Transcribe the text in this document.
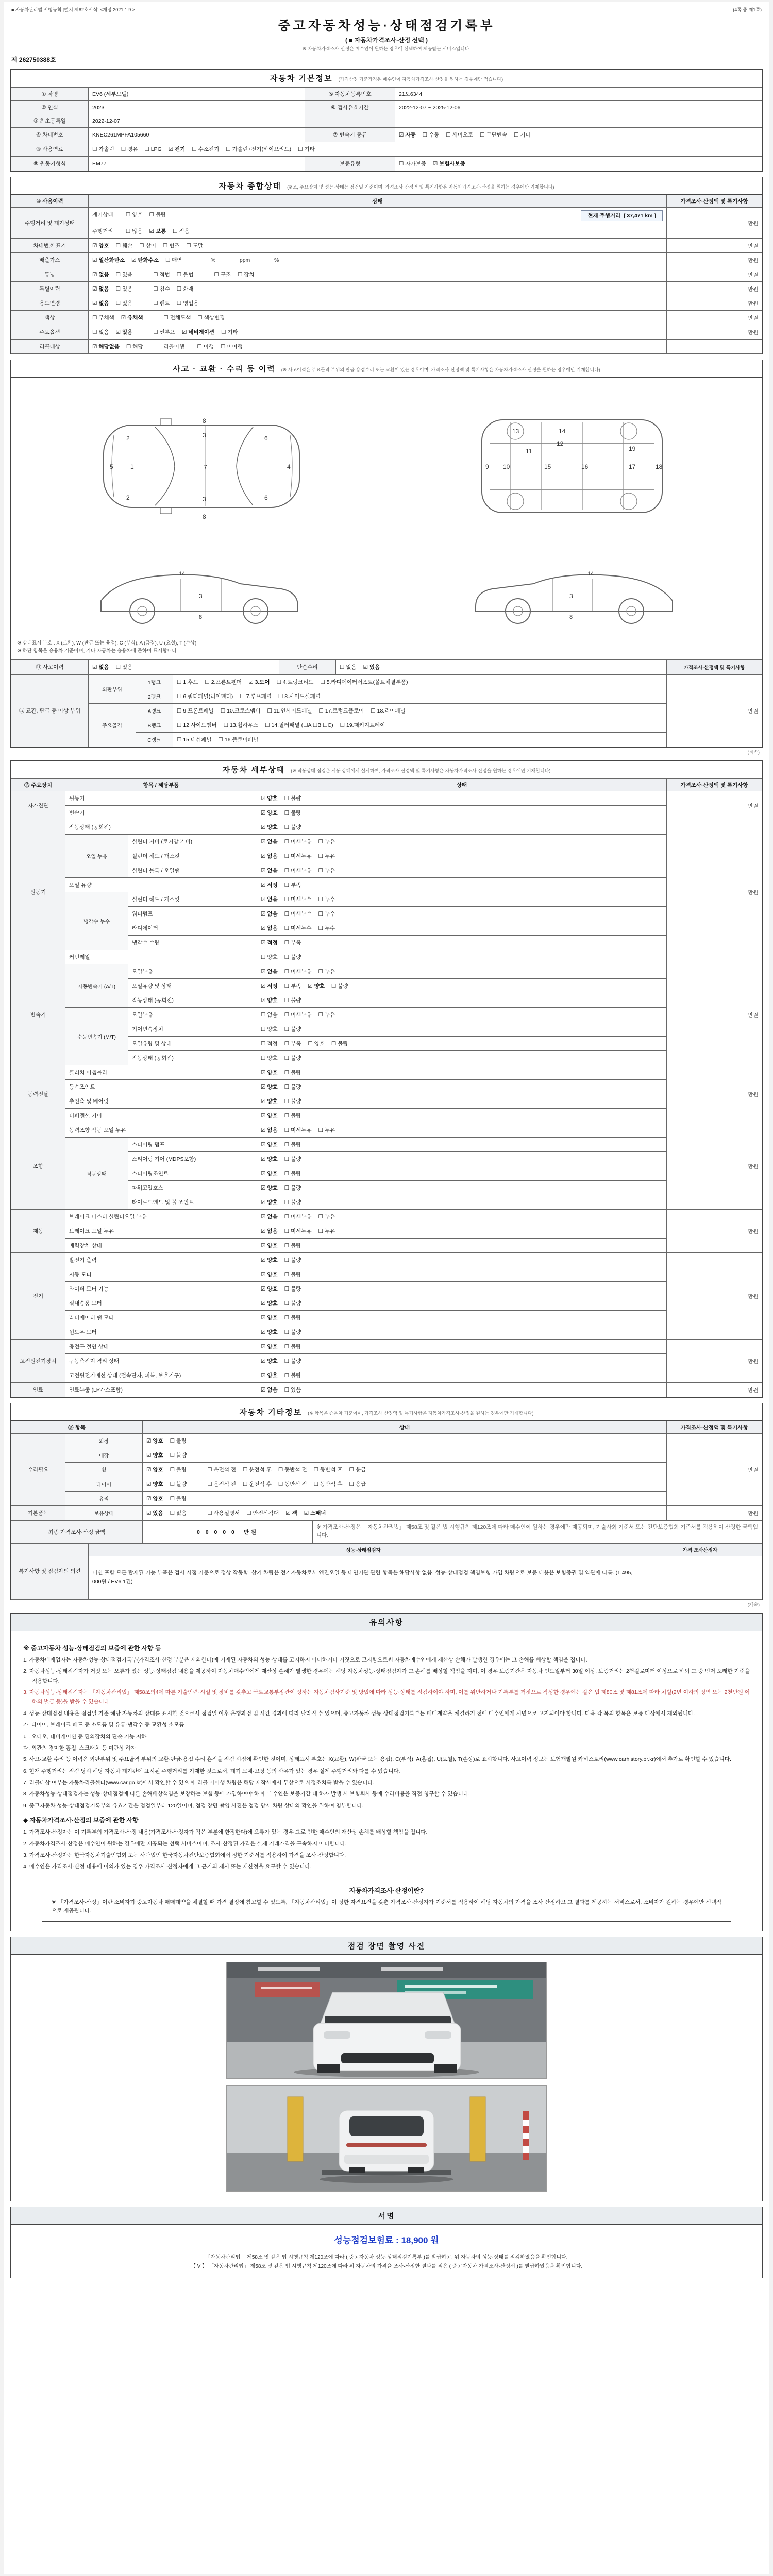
■ 자동차관리법 시행규칙 [별지 제82호서식] <개정 2021.1.9.>	(4쪽 중 제1쪽)
중고자동차성능·상태점검기록부
( ■ 자동차가격조사·산정 선택 )
※ 자동차가격조사·산정은 매수인이 원하는 경우에 선택하여 제공받는 서비스입니다.
제 262750388호
자동차 기본정보 (가격산정 기준가격은 매수인이 자동차가격조사·산정을 원하는 경우에만 적습니다)
① 차명	EV6 (세부모델)	⑤ 자동차등록번호	21도6344
② 연식	2023	⑥ 검사유효기간	2022-12-07 ~ 2025-12-06
③ 최초등록일	2022-12-07		
④ 차대번호	KNEC261MPFA105660	⑦ 변속기 종류	☑ 자동 ☐ 수동 ☐ 세미오토 ☐ 무단변속 ☐ 기타
⑧ 사용연료	☐ 가솔린 ☐ 경유 ☐ LPG ☑ 전기 ☐ 수소전기 ☐ 가솔린+전기(하이브리드) ☐ 기타		
⑨ 원동기형식	EM77	보증유형	☐ 자가보증 ☑ 보험사보증
자동차 종합상태 (※조, 주요장치 및 성능·상태는 점검일 기준이며, 가격조사·산정액 및 특기사항은 자동차가격조사·산정을 원하는 경우에만 기재합니다)
⑩ 사용이력	상태	가격조사·산정액 및 특기사항
주행거리 및 계기상태	계기상태 ☐ 양호 ☐ 불량 현재 주행거리  [ 37,471 km ]	만원
	주행거리 ☐ 많음 ☑ 보통 ☐ 적음	
차대번호 표기	☑ 양호 ☐ 훼손 ☐ 상이 ☐ 변조 ☐ 도말	만원
배출가스	☑ 일산화탄소 ☑ 탄화수소 ☐ 매연 %                ppm                %	만원
튜닝	☑ 없음 ☐ 있음 ☐ 적법 ☐ 불법 ☐ 구조 ☐ 장치	만원
특별이력	☑ 없음 ☐ 있음 ☐ 침수 ☐ 화재	만원
용도변경	☑ 없음 ☐ 있음 ☐ 렌트 ☐ 영업용	만원
색상	☐ 무채색 ☑ 유채색 ☐ 전체도색 ☐ 색상변경	만원
주요옵션	☐ 없음 ☑ 있음 ☐ 썬루프 ☑ 네비게이션 ☐ 기타	만원
리콜대상	☑ 해당없음 ☐ 해당 리콜이행 ☐ 이행 ☐ 미이행	
사고 · 교환 · 수리 등 이력 (※ 사고이력은 주요골격 부위의 판금·용접수리 또는 교환이 있는 경우이며, 가격조사·산정액 및 특기사항은 자동차가격조사·산정을 원하는 경우에만 기재합니다)
1
2
2
3
3
4
5
6
6
7
8
8
9 10
11
12
13	14
15	16	17	18
19
3
14
8
3
14
8
※ 상태표시 부호 : X (교환), W (판금 또는 용접), C (부식), A (흠집), U (요철), T (손상)
※ 하단 항목은 승용차 기준이며, 기타 자동차는 승용차에 준하여 표시합니다.
⑪ 사고이력	☑ 없음 ☐ 있음	단순수리	☐ 없음 ☑ 있음	가격조사·산정액 및 특기사항
⑫ 교환, 판금 등 이상 부위	외판부위	1랭크	☐ 1.후드 ☐ 2.프론트펜더 ☑ 3.도어 ☐ 4.트렁크리드 ☐ 5.라디에이터서포트(볼트체결부품)	만원
		2랭크	☐ 6.쿼터패널(리어펜더) ☐ 7.루프패널 ☐ 8.사이드실패널	
	주요골격	A랭크	☐ 9.프론트패널 ☐ 10.크로스멤버 ☐ 11.인사이드패널 ☐ 17.트렁크플로어 ☐ 18.리어패널	
		B랭크	☐ 12.사이드멤버 ☐ 13.휠하우스 ☐ 14.필러패널 (☐A ☐B ☐C) ☐ 19.패키지트레이	
		C랭크	☐ 15.대쉬패널 ☐ 16.플로어패널	
(계속)
자동차 세부상태 (※ 작동상태 점검은 시동 상태에서 실시하며, 가격조사·산정액 및 특기사항은 자동차가격조사·산정을 원하는 경우에만 기재합니다)
⑬ 주요장치	항목 / 해당부품		상태	가격조사·산정액 및 특기사항
자가진단	원동기		☑ 양호 ☐ 불량	만원
	변속기		☑ 양호 ☐ 불량	
원동기	작동상태 (공회전)		☑ 양호 ☐ 불량	만원
	오일 누유	실린더 커버 (로커암 커버)	☑ 없음 ☐ 미세누유 ☐ 누유	
		실린더 헤드 / 개스킷	☑ 없음 ☐ 미세누유 ☐ 누유	
		실린더 블록 / 오일팬	☑ 없음 ☐ 미세누유 ☐ 누유	
	오일 유량		☑ 적정 ☐ 부족	
	냉각수 누수	실린더 헤드 / 개스킷	☑ 없음 ☐ 미세누수 ☐ 누수	
		워터펌프	☑ 없음 ☐ 미세누수 ☐ 누수	
		라디에이터	☑ 없음 ☐ 미세누수 ☐ 누수	
		냉각수 수량	☑ 적정 ☐ 부족	
	커먼레일		☐ 양호 ☐ 불량	
변속기	자동변속기 (A/T)	오일누유	☑ 없음 ☐ 미세누유 ☐ 누유	만원
		오일유량 및 상태	☑ 적정 ☐ 부족 ☑ 양호 ☐ 불량	
		작동상태 (공회전)	☑ 양호 ☐ 불량	
	수동변속기 (M/T)	오일누유	☐ 없음 ☐ 미세누유 ☐ 누유	
		기어변속장치	☐ 양호 ☐ 불량	
		오일유량 및 상태	☐ 적정 ☐ 부족 ☐ 양호 ☐ 불량	
		작동상태 (공회전)	☐ 양호 ☐ 불량	
동력전달	클러치 어셈블리		☑ 양호 ☐ 불량	만원
	등속조인트		☑ 양호 ☐ 불량	
	추진축 및 베어링		☑ 양호 ☐ 불량	
	디퍼렌셜 기어		☑ 양호 ☐ 불량	
조향	동력조향 작동 오일 누유		☑ 없음 ☐ 미세누유 ☐ 누유	만원
	작동상태	스티어링 펌프	☑ 양호 ☐ 불량	
		스티어링 기어 (MDPS포함)	☑ 양호 ☐ 불량	
		스티어링조인트	☑ 양호 ☐ 불량	
		파워고압호스	☑ 양호 ☐ 불량	
		타이로드엔드 및 볼 조인트	☑ 양호 ☐ 불량	
제동	브레이크 마스터 실린더오일 누유		☑ 없음 ☐ 미세누유 ☐ 누유	만원
	브레이크 오일 누유		☑ 없음 ☐ 미세누유 ☐ 누유	
	배력장치 상태		☑ 양호 ☐ 불량	
전기	발전기 출력		☑ 양호 ☐ 불량	만원
	시동 모터		☑ 양호 ☐ 불량	
	와이퍼 모터 기능		☑ 양호 ☐ 불량	
	실내송풍 모터		☑ 양호 ☐ 불량	
	라디에이터 팬 모터		☑ 양호 ☐ 불량	
	윈도우 모터		☑ 양호 ☐ 불량	
고전원전기장치	충전구 절연 상태		☑ 양호 ☐ 불량	만원
	구동축전지 격리 상태		☑ 양호 ☐ 불량	
	고전원전기배선 상태 (접속단자, 피복, 보호기구)		☑ 양호 ☐ 불량	
연료	연료누출 (LP가스포함)		☑ 없음 ☐ 있음	만원
자동차 기타정보 (※ 항목은 승용차 기준이며, 가격조사·산정액 및 특기사항은 자동차가격조사·산정을 원하는 경우에만 기재합니다)
⑭ 항목		상태	가격조사·산정액 및 특기사항
수리필요	외장	☑ 양호 ☐ 불량	만원
	내장	☑ 양호 ☐ 불량	
	휠	☑ 양호 ☐ 불량 ☐ 운전석 전 ☐ 운전석 후 ☐ 동반석 전 ☐ 동반석 후 ☐ 응급	
	타이어	☑ 양호 ☐ 불량 ☐ 운전석 전 ☐ 운전석 후 ☐ 동반석 전 ☐ 동반석 후 ☐ 응급	
	유리	☑ 양호 ☐ 불량	
기본품목	보유상태	☑ 있음 ☐ 없음 ☐ 사용설명서 ☐ 안전삼각대 ☑ 잭 ☑ 스패너	만원
최종 가격조사·산정 금액	0 0 0 0 0 만원	※ 가격조사·산정은 「자동차관리법」 제58조 및 같은 법 시행규칙 제120조에 따라 매수인이 원하는 경우에만 제공되며, 기술사회 기준서 또는 진단보증협회 기준서를 적용하여 산정한 금액입니다.
특기사항 및 점검자의 의견	성능·상태점검자	가격·조사산정자
	미션 포함 모든 탑재된 기능 부품은 검사 시점 기준으로 정상 작동함. 상기 차량은 전기자동차로서 엔진오일 등 내연기관 관련 항목은 해당사항 없음. 성능·상태점검 책임보험 가입 차량으로 보증 내용은 보험증권 및 약관에 따름. (1,495,000원 / EV6 1건)	
(계속)
유의사항
※ 중고자동차 성능·상태점검의 보증에 관한 사항 등
1. 자동차매매업자는 자동차성능·상태점검기록부(가격조사·산정 부분은 제외한다)에 기재된 자동차의 성능·상태를 고지하지 아니하거나 거짓으로 고지함으로써 자동차매수인에게 재산상 손해가 발생한 경우에는 그 손해를 배상할 책임을 집니다.
2. 자동차성능·상태점검자가 거짓 또는 오류가 있는 성능·상태점검 내용을 제공하여 자동차매수인에게 재산상 손해가 발생한 경우에는 해당 자동차성능·상태점검자가 그 손해를 배상할 책임을 지며, 이 경우 보증기간은 자동차 인도일부터 30일 이상, 보증거리는 2천킬로미터 이상으로 하되 그 중 먼저 도래한 기준을 적용합니다.
3. 자동차성능·상태점검자는 「자동차관리법」 제58조의4에 따른 기술인력·시설 및 장비를 갖추고 국토교통부장관이 정하는 자동차검사기준 및 방법에 따라 성능·상태를 점검하여야 하며, 이를 위반하거나 기록부를 거짓으로 작성한 경우에는 같은 법 제80조 및 제81조에 따라 처벌(2년 이하의 징역 또는 2천만원 이하의 벌금 등)을 받을 수 있습니다.
4. 성능·상태점검 내용은 점검일 기준 해당 자동차의 상태를 표시한 것으로서 점검일 이후 운행과정 및 시간 경과에 따라 달라질 수 있으며, 중고자동차 성능·상태점검기록부는 매매계약을 체결하기 전에 매수인에게 서면으로 고지되어야 합니다. 다음 각 목의 항목은 보증 대상에서 제외됩니다.
가. 타이어, 브레이크 패드 등 소모품 및 유류·냉각수 등 교환성 소모품
나. 오디오, 내비게이션 등 편의장치의 단순 기능 저하
다. 외관의 경미한 흠집, 스크래치 등 미관상 하자
5. 사고·교환·수리 등 이력은 외판부위 및 주요골격 부위의 교환·판금·용접 수리 흔적을 점검 시점에 확인한 것이며, 상태표시 부호는 X(교환), W(판금 또는 용접), C(부식), A(흠집), U(요철), T(손상)로 표시합니다. 사고이력 정보는 보험개발원 카히스토리(www.carhistory.or.kr)에서 추가로 확인할 수 있습니다.
6. 현재 주행거리는 점검 당시 해당 자동차 계기판에 표시된 주행거리를 기재한 것으로서, 계기 교체·고장 등의 사유가 있는 경우 실제 주행거리와 다를 수 있습니다.
7. 리콜대상 여부는 자동차리콜센터(www.car.go.kr)에서 확인할 수 있으며, 리콜 미이행 차량은 해당 제작사에서 무상으로 시정조치를 받을 수 있습니다.
8. 자동차성능·상태점검자는 성능·상태점검에 따른 손해배상책임을 보장하는 보험 등에 가입하여야 하며, 매수인은 보증기간 내 하자 발생 시 보험회사 등에 수리비용을 직접 청구할 수 있습니다.
9. 중고자동차 성능·상태점검기록부의 유효기간은 점검일부터 120일이며, 점검 장면 촬영 사진은 점검 당시 차량 상태의 확인을 위하여 첨부합니다.
◆ 자동차가격조사·산정의 보증에 관한 사항
1. 가격조사·산정자는 이 기록부의 가격조사·산정 내용(가격조사·산정자가 적은 부분에 한정한다)에 오류가 있는 경우 그로 인한 매수인의 재산상 손해를 배상할 책임을 집니다.
2. 자동차가격조사·산정은 매수인이 원하는 경우에만 제공되는 선택 서비스이며, 조사·산정된 가격은 실제 거래가격을 구속하지 아니합니다.
3. 가격조사·산정자는 한국자동차기술인협회 또는 사단법인 한국자동차진단보증협회에서 정한 기준서를 적용하여 가격을 조사·산정합니다.
4. 매수인은 가격조사·산정 내용에 이의가 있는 경우 가격조사·산정자에게 그 근거의 제시 또는 재산정을 요구할 수 있습니다.
자동차가격조사·산정이란?
※ 「가격조사·산정」이란 소비자가 중고자동차 매매계약을 체결할 때 가격 결정에 참고할 수 있도록, 「자동차관리법」이 정한 자격요건을 갖춘 가격조사·산정자가 기준서를 적용하여 해당 자동차의 가격을 조사·산정하고 그 결과를 제공하는 서비스로서, 소비자가 원하는 경우에만 선택적으로 제공됩니다.
점검 장면 촬영 사진
서명
성능점검보험료 : 18,900 원
「자동차관리법」 제58조 및 같은 법 시행규칙 제120조에 따라 ( 중고자동차 성능·상태점검기록부 )를 발급하고, 위 자동차의 성능·상태를 점검하였음을 확인합니다.
【 V 】 「자동차관리법」 제58조 및 같은 법 시행규칙 제120조에 따라 위 자동차의 가격을 조사·산정한 결과를 적은 ( 중고자동차 가격조사·산정서 )를 발급하였음을 확인합니다.
